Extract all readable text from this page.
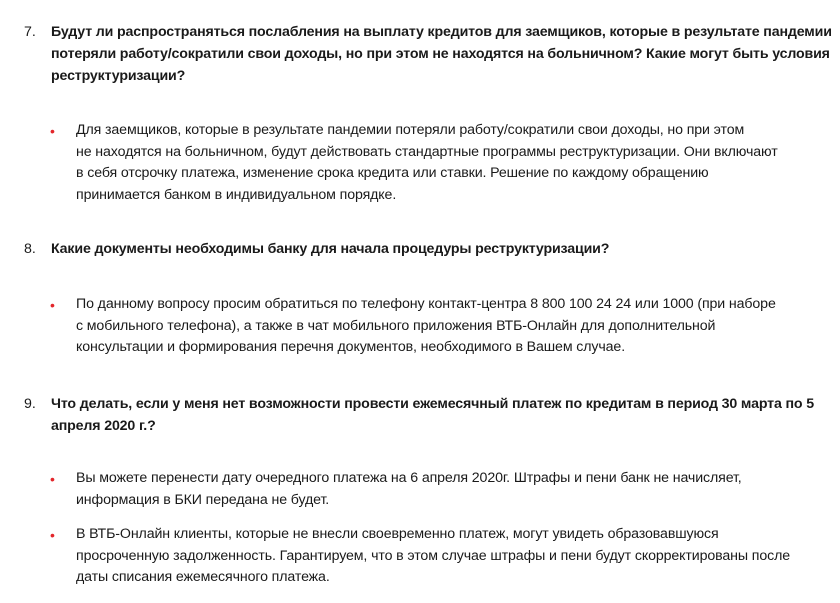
7.	Будут ли распространяться послабления на выплату кредитов для заемщиков, которые в результате пандемии
потеряли работу/сократили свои доходы, но при этом не находятся на больничном? Какие могут быть условия
реструктуризации?
•	Для заемщиков, которые в результате пандемии потеряли работу/сократили свои доходы, но при этом
не находятся на больничном, будут действовать стандартные программы реструктуризации. Они включают
в себя отсрочку платежа, изменение срока кредита или ставки. Решение по каждому обращению
принимается банком в индивидуальном порядке.
8.	Какие документы необходимы банку для начала процедуры реструктуризации?
•	По данному вопросу просим обратиться по телефону контакт-центра 8 800 100 24 24 или 1000 (при наборе
с мобильного телефона), а также в чат мобильного приложения ВТБ-Онлайн для дополнительной
консультации и формирования перечня документов, необходимого в Вашем случае.
9.	Что делать, если у меня нет возможности провести ежемесячный платеж по кредитам в период 30 марта по 5
апреля 2020 г.?
•	Вы можете перенести дату очередного платежа на 6 апреля 2020г. Штрафы и пени банк не начисляет,
информация в БКИ передана не будет.
•	В ВТБ-Онлайн клиенты, которые не внесли своевременно платеж, могут увидеть образовавшуюся
просроченную задолженность. Гарантируем, что в этом случае штрафы и пени будут скорректированы после
даты списания ежемесячного платежа.
